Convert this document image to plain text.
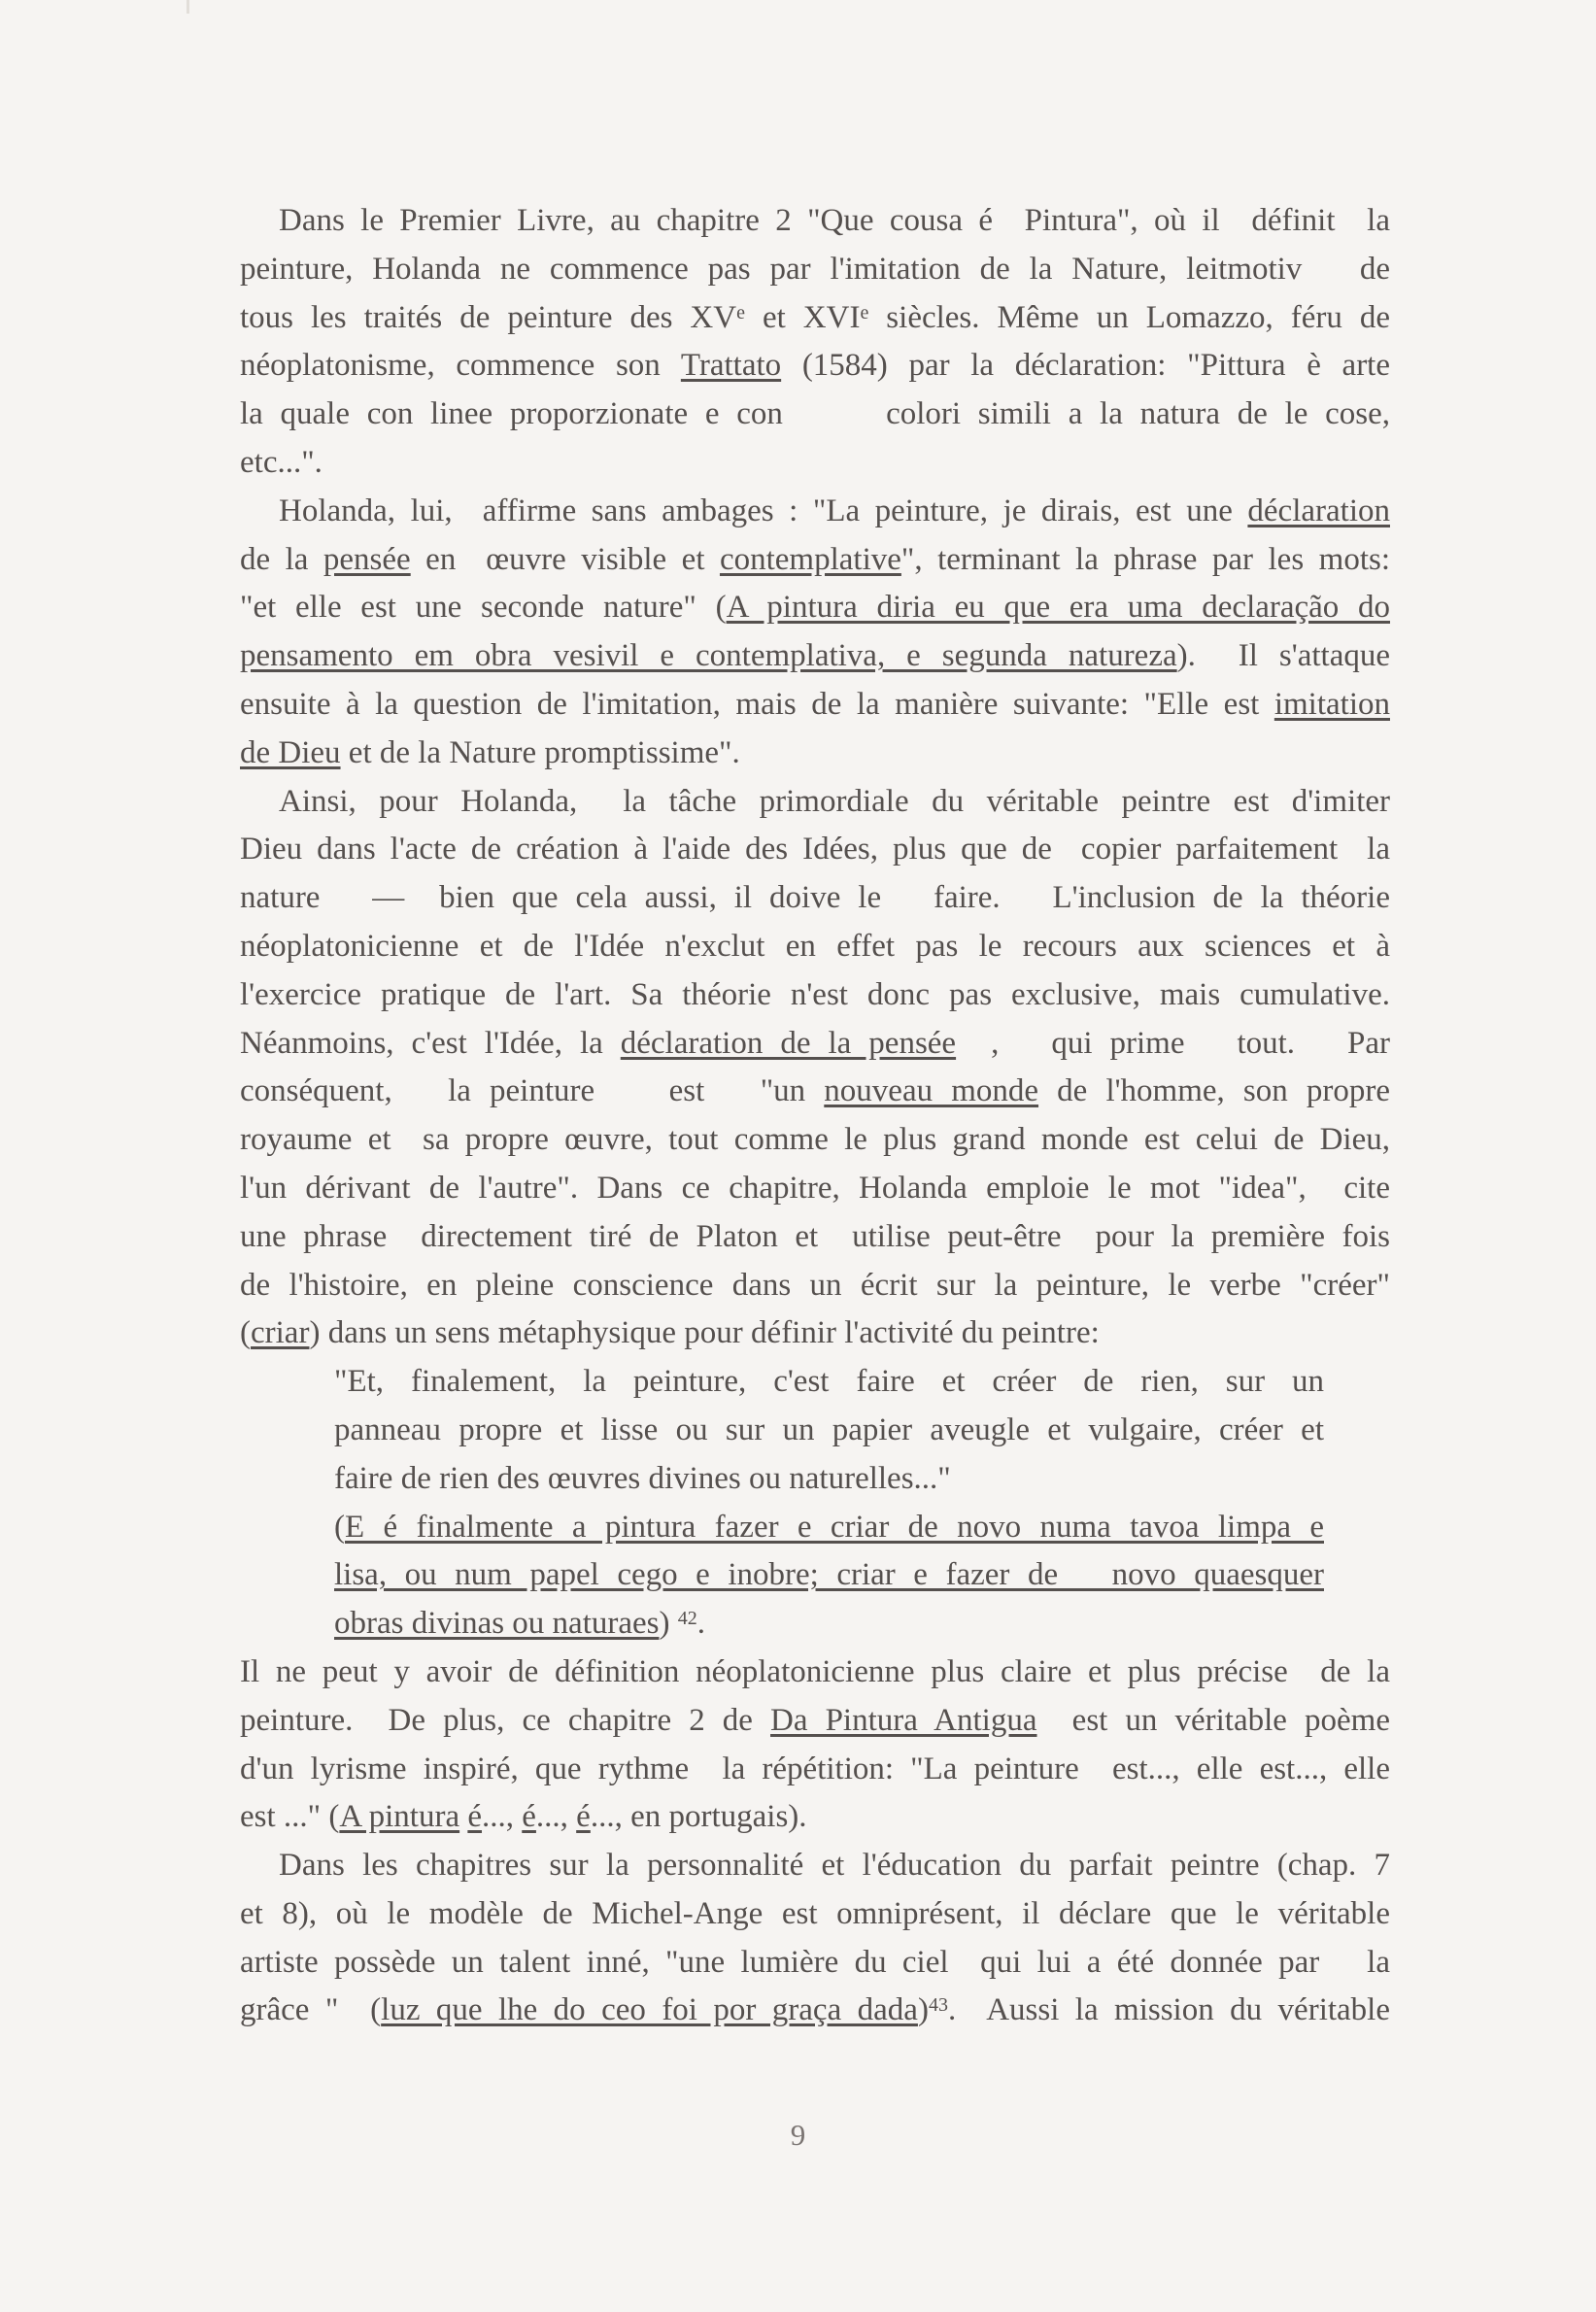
Dans le Premier Livre, au chapitre 2 "Que cousa é  Pintura", où il  définit  la
peinture, Holanda ne commence pas par l'imitation de la Nature, leitmotiv   de
tous les traités de peinture des XVe et XVIe siècles. Même un Lomazzo, féru de
néoplatonisme, commence son Trattato (1584) par la déclaration: "Pittura è arte
la quale con linee proporzionate e con      colori simili a la natura de le cose,
etc...".
Holanda, lui,  affirme sans ambages : "La peinture, je dirais, est une déclaration
de la pensée en  œuvre visible et contemplative", terminant la phrase par les mots:
"et elle est une seconde nature" (A pintura diria eu que era uma declaração do
pensamento em obra vesivil e contemplativa, e segunda natureza).  Il s'attaque
ensuite à la question de l'imitation, mais de la manière suivante: "Elle est imitation
de Dieu et de la Nature promptissime".
Ainsi, pour Holanda,  la tâche primordiale du véritable peintre est d'imiter
Dieu dans l'acte de création à l'aide des Idées, plus que de  copier parfaitement  la
nature   —  bien que cela aussi, il doive le   faire.   L'inclusion de la théorie
néoplatonicienne et de l'Idée n'exclut en effet pas le recours aux sciences et à
l'exercice pratique de l'art. Sa théorie n'est donc pas exclusive, mais cumulative.
Néanmoins, c'est l'Idée, la déclaration de la pensée  ,   qui prime   tout.   Par
conséquent,   la peinture    est   "un nouveau monde de l'homme, son propre
royaume et  sa propre œuvre, tout comme le plus grand monde est celui de Dieu,
l'un dérivant de l'autre". Dans ce chapitre, Holanda emploie le mot "idea",  cite
une phrase  directement tiré de Platon et  utilise peut-être  pour la première fois
de l'histoire, en pleine conscience dans un écrit sur la peinture, le verbe "créer"
(criar) dans un sens métaphysique pour définir l'activité du peintre:
"Et,  finalement,  la  peinture,  c'est  faire  et  créer  de  rien,  sur  un
panneau propre et lisse ou sur un papier aveugle et vulgaire, créer et
faire de rien des œuvres divines ou naturelles..."
(E é finalmente a pintura fazer e criar de novo numa tavoa limpa e
lisa, ou num papel cego e inobre; criar e fazer de   novo quaesquer
obras divinas ou naturaes) $^{42}$.
Il ne peut y avoir de définition néoplatonicienne plus claire et plus précise  de la
peinture.  De plus, ce chapitre 2 de Da Pintura Antigua  est un véritable poème
d'un lyrisme inspiré, que rythme  la répétition: "La peinture  est..., elle est..., elle
est ..." (A pintura é..., é..., é..., en portugais).
Dans les chapitres sur la personnalité et l'éducation du parfait peintre (chap. 7
et 8), où le modèle de Michel-Ange est omniprésent, il déclare que le véritable
artiste possède un talent inné, "une lumière du ciel  qui lui a été donnée par   la
grâce "  (luz que lhe do ceo foi por graça dada)$^{43}$.  Aussi la mission du véritable
9
